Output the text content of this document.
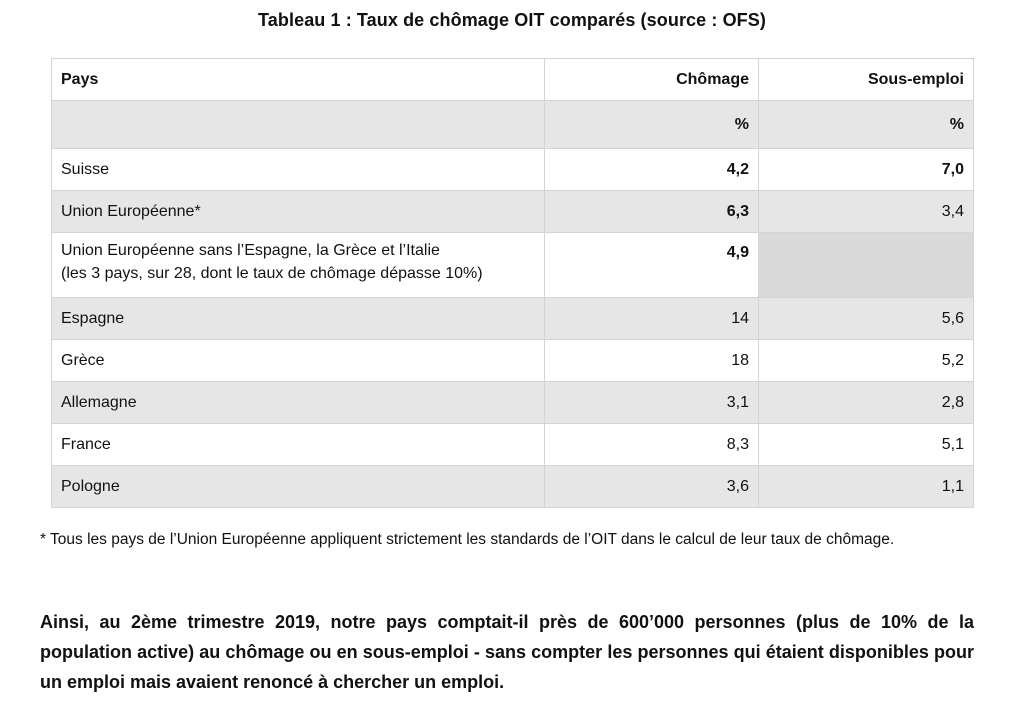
Tableau 1 : Taux de chômage OIT comparés (source : OFS)
Pays	Chômage	Sous-emploi
	%	%
Suisse	4,2	7,0
Union Européenne*	6,3	3,4
Union Européenne sans l’Espagne, la Grèce et l’Italie
(les 3 pays, sur 28, dont le taux de chômage dépasse 10%)	4,9	
Espagne	14	5,6
Grèce	18	5,2
Allemagne	3,1	2,8
France	8,3	5,1
Pologne	3,6	1,1
* Tous les pays de l’Union Européenne appliquent strictement les standards de l’OIT dans le calcul de leur taux de chômage.
Ainsi, au 2ème trimestre 2019, notre pays comptait-il près de 600’000 personnes (plus de 10% de la population active) au chômage ou en sous-emploi - sans compter les personnes qui étaient disponibles pour un emploi mais avaient renoncé à chercher un emploi.
